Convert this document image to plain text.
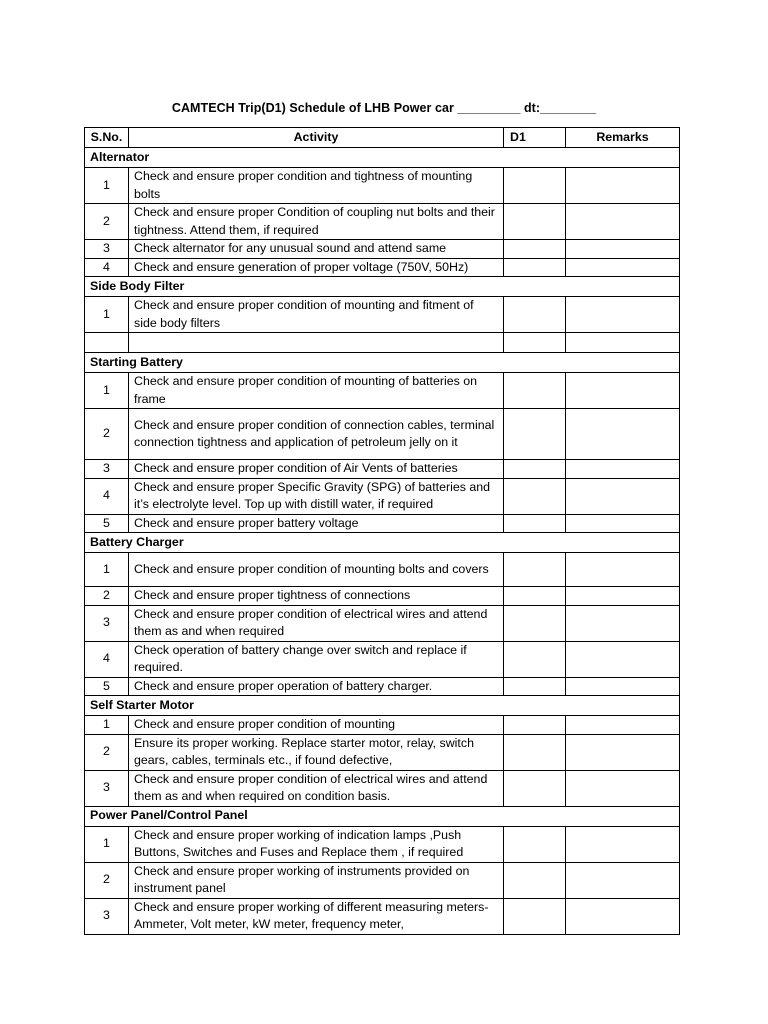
CAMTECH Trip(D1) Schedule of LHB Power car _________ dt:________
S.No.	Activity	D1	Remarks
Alternator			
1	Check and ensure proper condition and tightness of mounting bolts		
2	Check and ensure proper Condition of coupling nut bolts and their tightness. Attend them, if required		
3	Check alternator for any unusual sound and attend same		
4	Check and ensure generation of proper voltage (750V, 50Hz)		
Side Body Filter			
1	Check and ensure proper condition of mounting and fitment of side body filters		

Starting Battery			
1	Check and ensure proper condition of mounting of batteries on frame		
2	Check and ensure proper condition of connection cables, terminal connection tightness and application of petroleum jelly on it		
3	Check and ensure proper condition of Air Vents of batteries		
4	Check and ensure proper Specific Gravity (SPG) of batteries and it’s electrolyte level. Top up with distill water, if required		
5	Check and ensure proper battery voltage		
Battery Charger			
1	Check and ensure proper condition of mounting bolts and covers		
2	Check and ensure proper tightness of connections		
3	Check and ensure proper condition of electrical wires and attend them as and when required		
4	Check operation of battery change over switch and replace if required.		
5	Check and ensure proper operation of battery charger.		
Self Starter Motor			
1	Check and ensure proper condition of mounting		
2	Ensure its proper working. Replace starter motor, relay, switch gears, cables, terminals etc., if found defective,		
3	Check and ensure proper condition of electrical wires and attend them as and when required on condition basis.		
Power Panel/Control Panel			
1	Check and ensure proper working of indication lamps ,Push Buttons, Switches and Fuses and Replace them , if required		
2	Check and ensure proper working of instruments provided on instrument panel		
3	Check and ensure proper working of different measuring meters- Ammeter, Volt meter, kW meter, frequency meter,		
